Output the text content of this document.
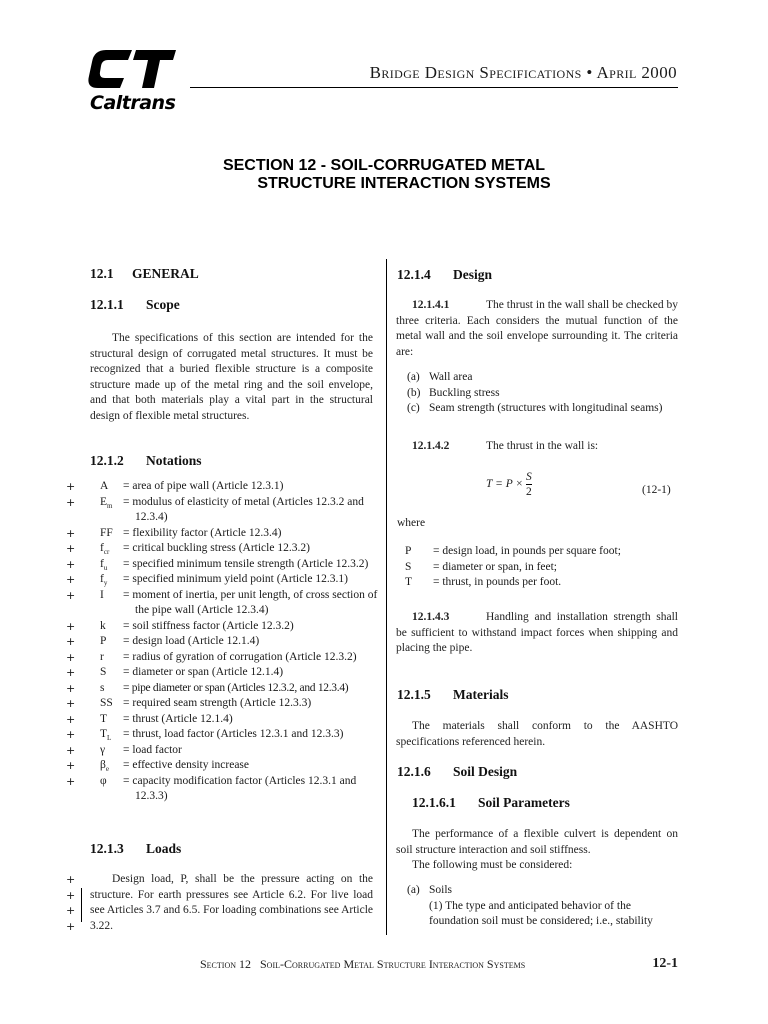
Caltrans
Bridge Design Specifications • April 2000
SECTION 12 - SOIL-CORRUGATED METAL
STRUCTURE INTERACTION SYSTEMS
12.1 GENERAL
12.1.1 Scope
The specifications of this section are intended for the structural design of corrugated metal structures. It must be recognized that a buried flexible structure is a composite structure made up of the metal ring and the soil envelope, and that both materials play a vital part in the structural design of flexible metal structures.
12.1.2 Notations
+ A	= area of pipe wall (Article 12.3.1)
+ $E_m$ = modulus of elasticity of metal (Articles 12.3.2 and 12.3.4)
+ FF = flexibility factor (Article 12.3.4)
+ $f_{cr}$	= critical buckling stress (Article 12.3.2)
+ $f_u$	= specified minimum tensile strength (Article 12.3.2)
+ $f_y$	= specified minimum yield point (Article 12.3.1)
+ I	= moment of inertia, per unit length, of cross section of the pipe wall (Article 12.3.4)
+ k	= soil stiffness factor (Article 12.3.2)
+ P	= design load (Article 12.1.4)
+ r	= radius of gyration of corrugation (Article 12.3.2)
+ S	= diameter or span (Article 12.1.4)
+ s	= pipe diameter or span (Articles 12.3.2, and 12.3.4)
+ SS = required seam strength (Article 12.3.3)
+ T	= thrust (Article 12.1.4)
+ $T_L$	= thrust, load factor (Articles 12.3.1 and 12.3.3)
+ γ	= load factor
+ $\beta_e$	= effective density increase
+ φ	= capacity modification factor (Articles 12.3.1 and 12.3.3)
12.1.3 Loads
+
+
+
+
Design load, P, shall be the pressure acting on the structure. For earth pressures see Article 6.2. For live load see Articles 3.7 and 6.5. For loading combinations see Article 3.22.
12.1.4 Design
12.1.4.1	The thrust in the wall shall be checked by three criteria. Each considers the mutual function of the metal wall and the soil envelope surrounding it. The criteria are:
(a) Wall area
(b) Buckling stress
(c) Seam strength (structures with longitudinal seams)
12.1.4.2	The thrust in the wall is:
$T = P \times \frac{S}{2}$	(12-1)
where
P = design load, in pounds per square foot;
S = diameter or span, in feet;
T = thrust, in pounds per foot.
12.1.4.3	Handling and installation strength shall be sufficient to withstand impact forces when shipping and placing the pipe.
12.1.5 Materials
The materials shall conform to the AASHTO specifications referenced herein.
12.1.6 Soil Design
12.1.6.1 Soil Parameters
The performance of a flexible culvert is dependent on soil structure interaction and soil stiffness.
The following must be considered:
(a) Soils
(1) The type and anticipated behavior of the foundation soil must be considered; i.e., stability
Section 12   Soil-Corrugated Metal Structure Interaction Systems	12-1
